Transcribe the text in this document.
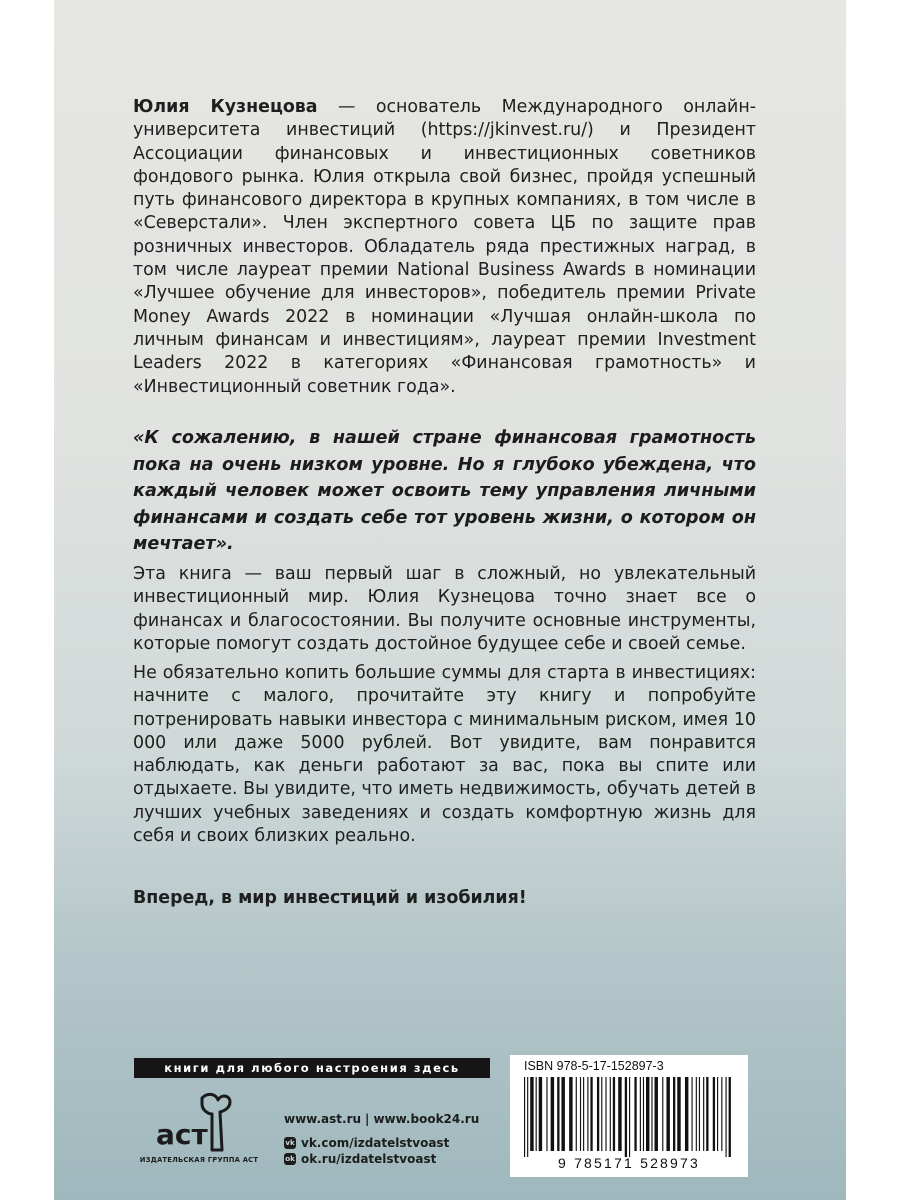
Юлия Кузнецова — основатель Международного онлайн-университета инвестиций (https://jkinvest.ru/) и Президент Ассоциации финансовых и инвестиционных советников фондового рынка. Юлия открыла свой бизнес, пройдя успешный путь финансового директора в крупных компаниях, в том числе в «Северстали». Член экспертного совета ЦБ по защите прав розничных инвесторов. Обладатель ряда престижных наград, в том числе лауреат премии National Business Awards в номинации «Лучшее обучение для инвесторов», победитель премии Private Money Awards 2022 в номинации «Лучшая онлайн-школа по личным финансам и инвестициям», лауреат премии Investment Leaders 2022 в категориях «Финансовая грамотность» и «Инвестиционный советник года».

«К сожалению, в нашей стране финансовая грамотность пока на очень низком уровне. Но я глубоко убеждена, что каждый человек может освоить тему управления личными финансами и создать себе тот уровень жизни, о котором он мечтает».

Эта книга — ваш первый шаг в сложный, но увлекательный инвестиционный мир. Юлия Кузнецова точно знает все о финансах и благосостоянии. Вы получите основные инструменты, которые помогут создать достойное будущее себе и своей семье.

Не обязательно копить большие суммы для старта в инвестициях: начните с малого, прочитайте эту книгу и попробуйте потренировать навыки инвестора с минимальным риском, имея 10 000 или даже 5000 рублей. Вот увидите, вам понравится наблюдать, как деньги работают за вас, пока вы спите или отдыхаете. Вы увидите, что иметь недвижимость, обучать детей в лучших учебных заведениях и создать комфортную жизнь для себя и своих близких реально.

Вперед, в мир инвестиций и изобилия!

книги для любого настроения здесь
аст
ИЗДАТЕЛЬСКАЯ ГРУППА АСТ
www.ast.ru | www.book24.ru
vk vk.com/izdatelstvoast
ok ok.ru/izdatelstvoast
ISBN 978-5-17-152897-3
9 785171 528973
